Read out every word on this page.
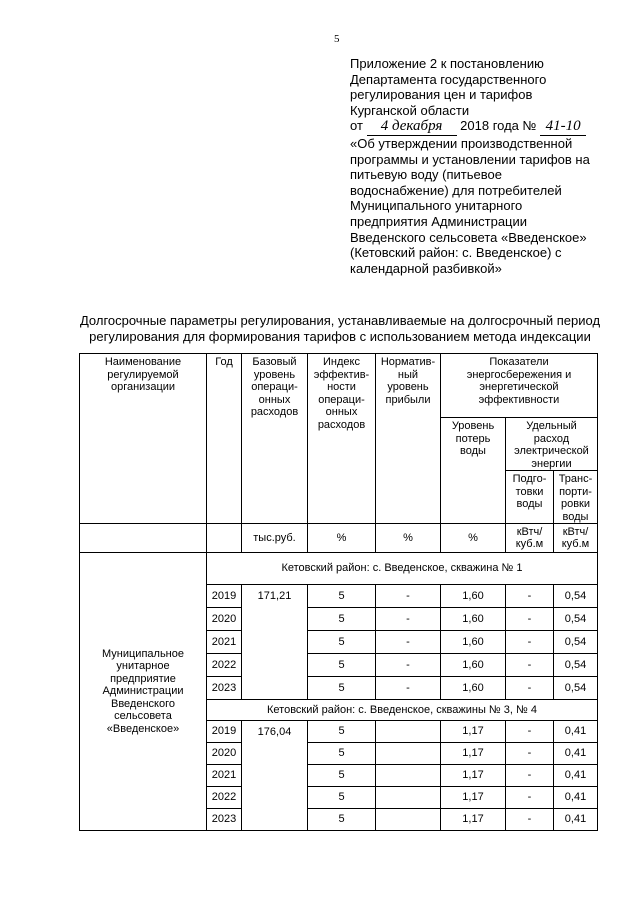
5
Приложение 2 к постановлению
Департамента государственного
регулирования цен и тарифов
Курганской области
от 4 декабря 2018 года № 41-10
«Об утверждении производственной
программы и установлении тарифов на
питьевую воду (питьевое
водоснабжение) для потребителей
Муниципального унитарного
предприятия Администрации
Введенского сельсовета «Введенское»
(Кетовский район: с. Введенское) с
календарной разбивкой»
Долгосрочные параметры регулирования, устанавливаемые на долгосрочный период
регулирования для формирования тарифов с использованием метода индексации
Наименование регулируемой организации	Год	Базовый уровень операци-онных расходов	Индекс эффектив-ности операци-онных расходов	Норматив-ный уровень прибыли	Показатели энергосбережения и энергетической эффективности		
					Уровень потерь воды	Удельный расход электрической энергии	
						Подго-товки воды	Транс-порти-ровки воды
		тыс.руб.	%	%	%	кВтч/ куб.м	кВтч/ куб.м
Муниципальное унитарное предприятие Администрации Введенского сельсовета «Введенское»	Кетовский район: с. Введенское, скважина № 1						
	2019	171,21	5	-	1,60	-	0,54
	2020		5	-	1,60	-	0,54
	2021		5	-	1,60	-	0,54
	2022		5	-	1,60	-	0,54
	2023		5	-	1,60	-	0,54
	Кетовский район: с. Введенское, скважины № 3, № 4						
	2019	176,04	5		1,17	-	0,41
	2020		5		1,17	-	0,41
	2021		5		1,17	-	0,41
	2022		5		1,17	-	0,41
	2023		5		1,17	-	0,41
